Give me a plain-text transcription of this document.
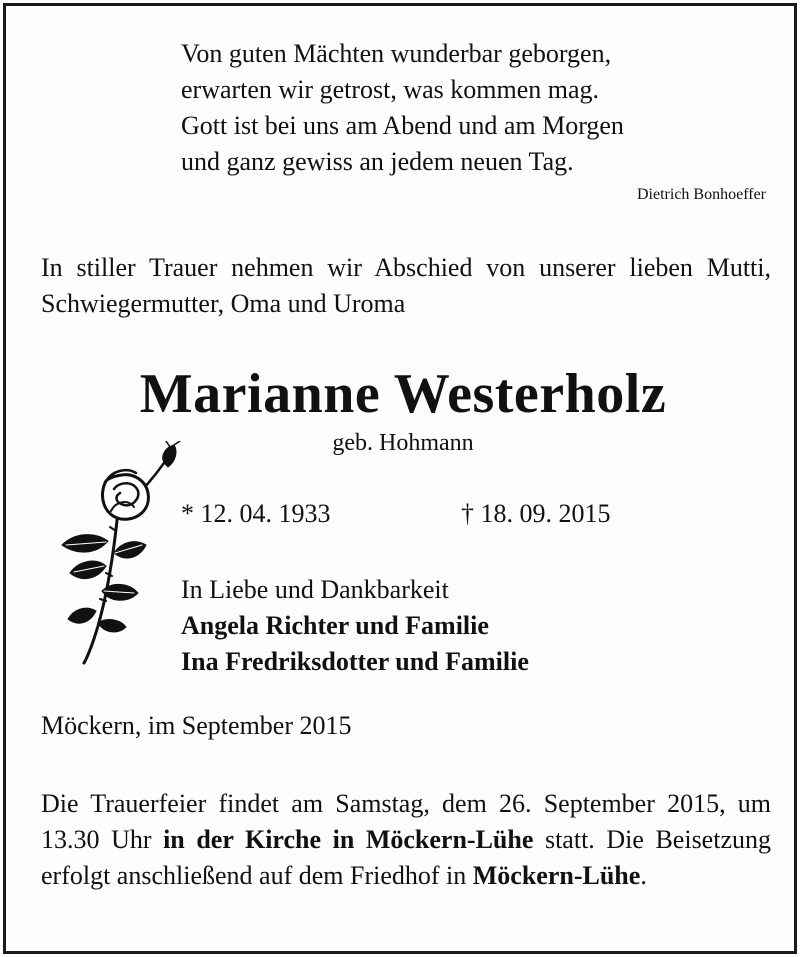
Von guten Mächten wunderbar geborgen,
erwarten wir getrost, was kommen mag.
Gott ist bei uns am Abend und am Morgen
und ganz gewiss an jedem neuen Tag.
Dietrich Bonhoeffer
In stiller Trauer nehmen wir Abschied von unserer lieben Mutti, Schwiegermutter, Oma und Uroma
Marianne Westerholz
geb. Hohmann
* 12. 04. 1933	† 18. 09. 2015
In Liebe und Dankbarkeit
Angela Richter und Familie
Ina Fredriksdotter und Familie
Möckern, im September 2015
Die Trauerfeier findet am Samstag, dem 26. September 2015, um 13.30 Uhr in der Kirche in Möckern-Lühe statt. Die Beisetzung erfolgt anschließend auf dem Friedhof in Möckern-Lühe.
